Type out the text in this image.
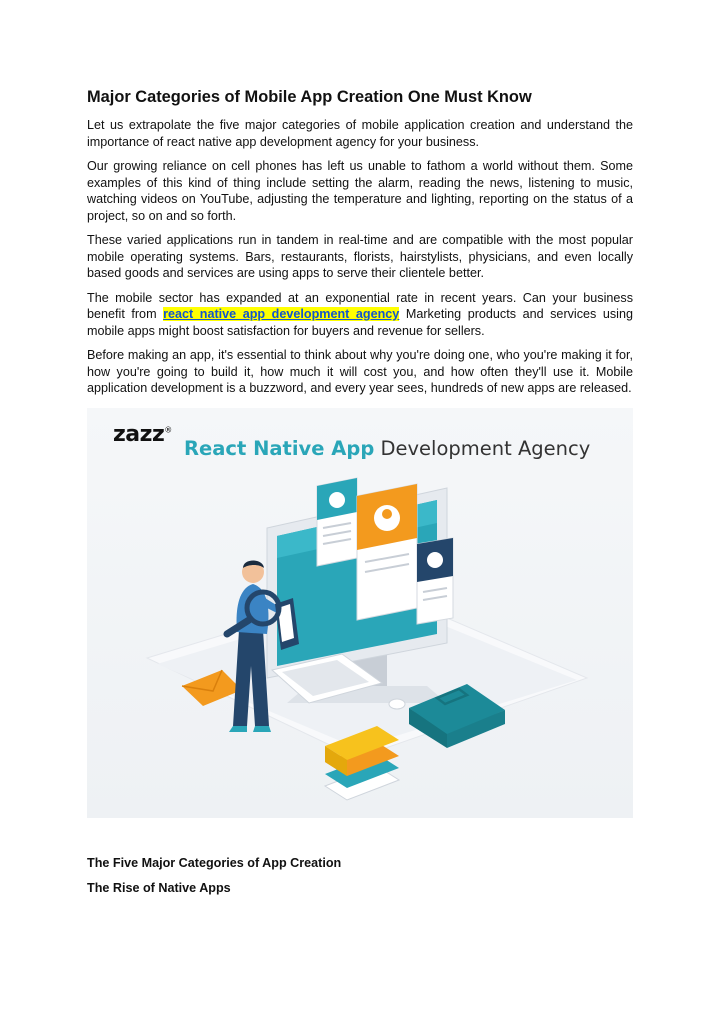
Major Categories of Mobile App Creation One Must Know

Let us extrapolate the five major categories of mobile application creation and understand the importance of react native app development agency for your business.

Our growing reliance on cell phones has left us unable to fathom a world without them. Some examples of this kind of thing include setting the alarm, reading the news, listening to music, watching videos on YouTube, adjusting the temperature and lighting, reporting on the status of a project, so on and so forth.

These varied applications run in tandem in real-time and are compatible with the most popular mobile operating systems. Bars, restaurants, florists, hairstylists, physicians, and even locally based goods and services are using apps to serve their clientele better.

The mobile sector has expanded at an exponential rate in recent years. Can your business benefit from react native app development agency Marketing products and services using mobile apps might boost satisfaction for buyers and revenue for sellers.

Before making an app, it's essential to think about why you're doing one, who you're making it for, how you're going to build it, how much it will cost you, and how often they'll use it. Mobile application development is a buzzword, and every year sees, hundreds of new apps are released.

zazz®
React Native App Development Agency
The Five Major Categories of App Creation
The Rise of Native Apps
